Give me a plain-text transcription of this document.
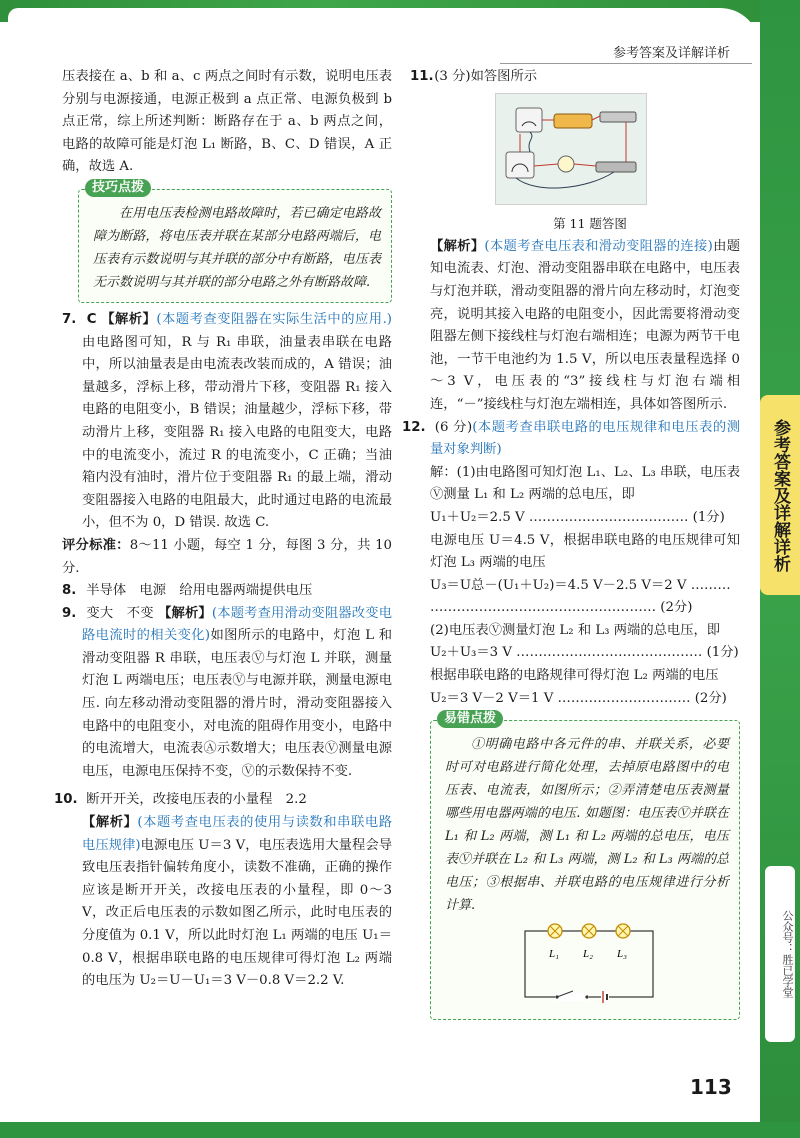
参考答案及详解详析
参考答案及详解详析
公众号：胜已学堂

压表接在 a、b 和 a、c 两点之间时有示数，说明电压表分别与电源接通，电源正极到 a 点正常、电源负极到 b 点正常，综上所述判断：断路存在于 a、b 两点之间，电路的故障可能是灯泡 L₁ 断路，B、C、D 错误，A 正确，故选 A.

技巧点拨

在用电压表检测电路故障时，若已确定电路故障为断路，将电压表并联在某部分电路两端后，电压表有示数说明与其并联的部分中有断路，电压表无示数说明与其并联的部分电路之外有断路故障.

7. C 【解析】(本题考查变阻器在实际生活中的应用.)由电路图可知，R 与 R₁ 串联，油量表串联在电路中，所以油量表是由电流表改装而成的，A 错误；油量越多，浮标上移，带动滑片下移，变阻器 R₁ 接入电路的电阻变小，B 错误；油量越少，浮标下移，带动滑片上移，变阻器 R₁ 接入电路的电阻变大，电路中的电流变小，流过 R 的电流变小，C 正确；当油箱内没有油时，滑片位于变阻器 R₁ 的最上端，滑动变阻器接入电路的电阻最大，此时通过电路的电流最小，但不为 0，D 错误. 故选 C.

评分标准：8～11 小题，每空 1 分，每图 3 分，共 10 分.

8. 半导体　电源　给用电器两端提供电压

9. 变大　不变 【解析】(本题考查用滑动变阻器改变电路电流时的相关变化)如图所示的电路中，灯泡 L 和滑动变阻器 R 串联，电压表Ⓥ与灯泡 L 并联，测量灯泡 L 两端电压；电压表Ⓥ与电源并联，测量电源电压. 向左移动滑动变阻器的滑片时，滑动变阻器接入电路中的电阻变小，对电流的阻碍作用变小，电路中的电流增大，电流表Ⓐ示数增大；电压表Ⓥ测量电源电压，电源电压保持不变，Ⓥ的示数保持不变.

10. 断开开关，改接电压表的小量程　2.2

【解析】(本题考查电压表的使用与读数和串联电路电压规律)电源电压 U＝3 V，电压表选用大量程会导致电压表指针偏转角度小，读数不准确，正确的操作应该是断开开关，改接电压表的小量程，即 0～3 V，改正后电压表的示数如图乙所示，此时电压表的分度值为 0.1 V，所以此时灯泡 L₁ 两端的电压 U₁＝0.8 V，根据串联电路的电压规律可得灯泡 L₂ 两端的电压为 U₂＝U－U₁＝3 V－0.8 V＝2.2 V.

11. (3 分)如答图所示

第 11 题答图

【解析】(本题考查电压表和滑动变阻器的连接)由题知电流表、灯泡、滑动变阻器串联在电路中，电压表与灯泡并联，滑动变阻器的滑片向左移动时，灯泡变亮，说明其接入电路的电阻变小，因此需要将滑动变阻器左侧下接线柱与灯泡右端相连；电源为两节干电池，一节干电池约为 1.5 V，所以电压表量程选择 0～3 V，电压表的“3”接线柱与灯泡右端相连，“－”接线柱与灯泡左端相连，具体如答图所示.

12. (6 分)(本题考查串联电路的电压规律和电压表的测量对象判断)

解：(1)由电路图可知灯泡 L₁、L₂、L₃ 串联，电压表Ⓥ测量 L₁ 和 L₂ 两端的总电压，即

U₁＋U₂＝2.5 V ……………………………… (1分)

电源电压 U＝4.5 V，根据串联电路的电压规律可知灯泡 L₃ 两端的电压

U₃＝U总－(U₁＋U₂)＝4.5 V－2.5 V＝2 V ………

…………………………………………… (2分)

(2)电压表Ⓥ测量灯泡 L₂ 和 L₃ 两端的总电压，即

U₂＋U₃＝3 V …………………………………… (1分)

根据串联电路的电路规律可得灯泡 L₂ 两端的电压

U₂＝3 V－2 V＝1 V ………………………… (2分)

易错点拨

①明确电路中各元件的串、并联关系，必要时可对电路进行简化处理，去掉原电路图中的电压表、电流表，如图所示；②弄清楚电压表测量哪些用电器两端的电压. 如题图：电压表Ⓥ并联在 L₁ 和 L₂ 两端，测 L₁ 和 L₂ 两端的总电压，电压表Ⓥ并联在 L₂ 和 L₃ 两端，测 L₂ 和 L₃ 两端的总电压；③根据串、并联电路的电压规律进行分析计算.

L₁ L₂ L₃
113
